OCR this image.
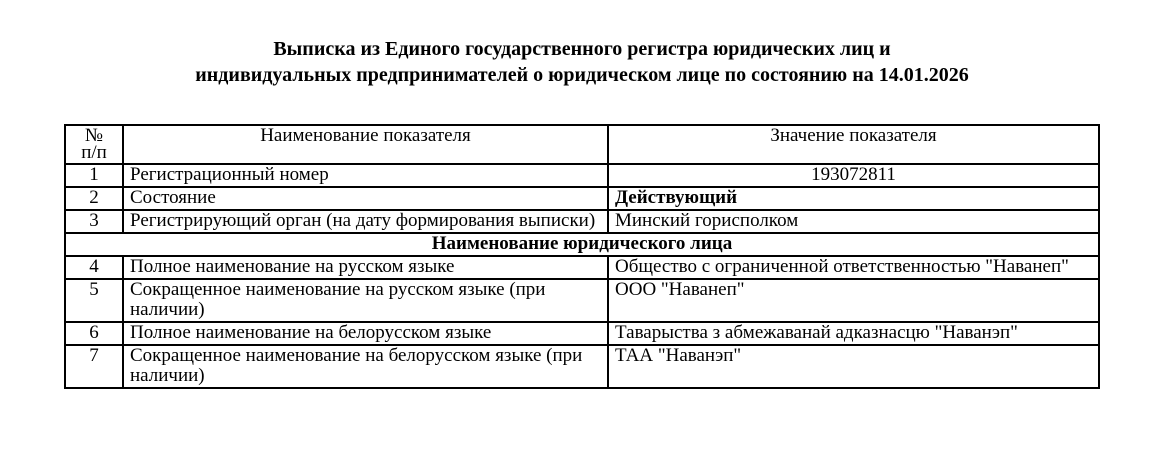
Выписка из Единого государственного регистра юридических лиц и
индивидуальных предпринимателей о юридическом лице по состоянию на 14.01.2026
№
п/п	Наименование показателя	Значение показателя
1	Регистрационный номер	193072811
2	Состояние	Действующий
3	Регистрирующий орган (на дату формирования выписки)	Минский горисполком
Наименование юридического лица		
4	Полное наименование на русском языке	Общество с ограниченной ответственностью "Наванеп"
5	Сокращенное наименование на русском языке (при наличии)	ООО "Наванеп"
6	Полное наименование на белорусском языке	Таварыства з абмежаванай адказнасцю "Наванэп"
7	Сокращенное наименование на белорусском языке (при наличии)	ТАА "Наванэп"
